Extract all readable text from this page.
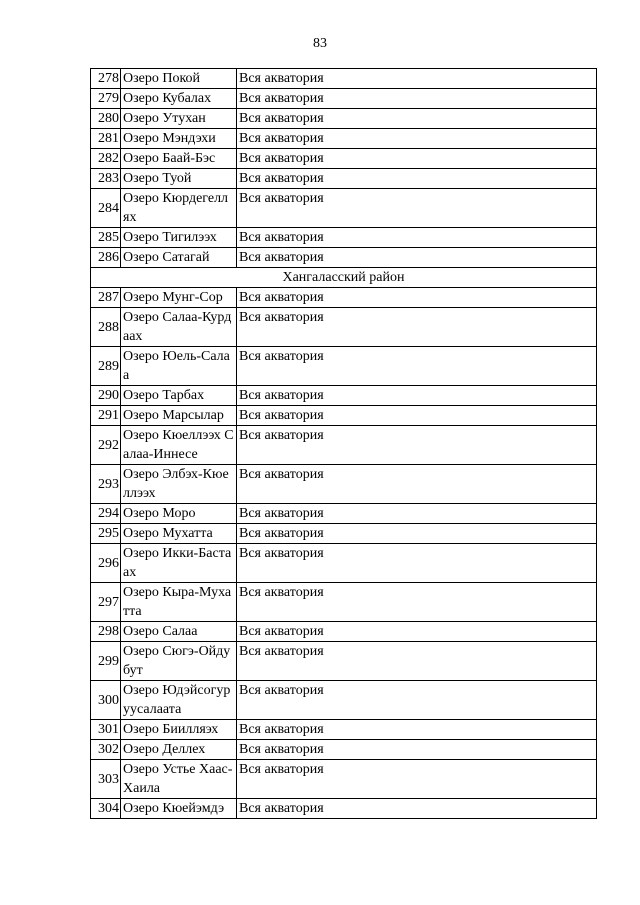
83
278	Озеро Покой	Вся акватория
279	Озеро Кубалах	Вся акватория
280	Озеро Утухан	Вся акватория
281	Озеро Мэндэхи	Вся акватория
282	Озеро Баай-Бэс	Вся акватория
283	Озеро Туой	Вся акватория
284	Озеро Кюрдегеллях	Вся акватория
285	Озеро Тигилээх	Вся акватория
286	Озеро Сатагай	Вся акватория
Хангаласский район		
287	Озеро Мунг-Сор	Вся акватория
288	Озеро Салаа-Курдаах	Вся акватория
289	Озеро Юель-Салаа	Вся акватория
290	Озеро Тарбах	Вся акватория
291	Озеро Марсылар	Вся акватория
292	Озеро Кюеллээх Салаа-Иннесе	Вся акватория
293	Озеро Элбэх-Кюеллээх	Вся акватория
294	Озеро Моро	Вся акватория
295	Озеро Мухатта	Вся акватория
296	Озеро Икки-Бастаах	Вся акватория
297	Озеро Кыра-Мухатта	Вся акватория
298	Озеро Салаа	Вся акватория
299	Озеро Сюгэ-Ойдубут	Вся акватория
300	Озеро Юдэйсогуруусалаата	Вся акватория
301	Озеро Биилляэх	Вся акватория
302	Озеро Деллех	Вся акватория
303	Озеро Устье Хаас-Хаила	Вся акватория
304	Озеро Кюейэмдэ	Вся акватория
